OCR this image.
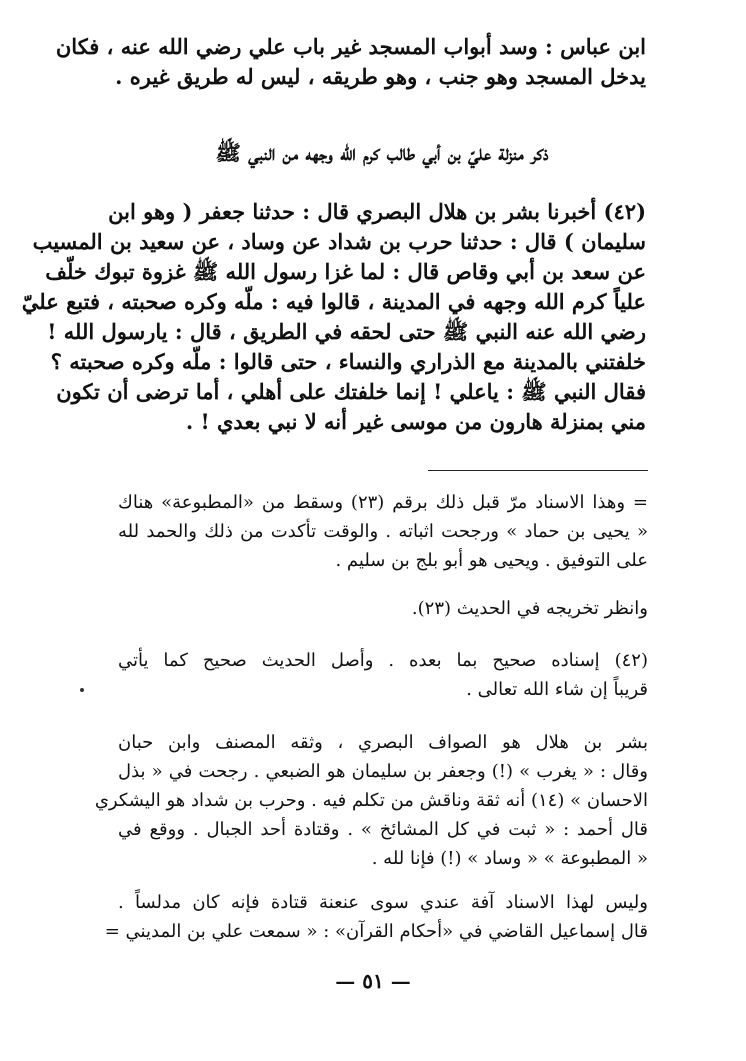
ابن عباس : وسد أبواب المسجد غير باب علي رضي الله عنه ، فكان
يدخل المسجد وهو جنب ، وهو طريقه ، ليس له طريق غيره .
ذكر منزلة عليّ بن أبي طالب كرم الله وجهه من النبي ﷺ
(٤٢) أخبرنا بشر بن هلال البصري قال : حدثنا جعفر ( وهو ابن
سليمان ) قال : حدثنا حرب بن شداد عن وساد ، عن سعيد بن المسيب
عن سعد بن أبي وقاص قال : لما غزا رسول الله ﷺ غزوة تبوك خلّف
علياً كرم الله وجهه في المدينة ، قالوا فيه : ملّه وكره صحبته ، فتبع عليّ
رضي الله عنه النبي ﷺ حتى لحقه في الطريق ، قال : يارسول الله !
خلفتني بالمدينة مع الذراري والنساء ، حتى قالوا : ملّه وكره صحبته ؟
فقال النبي ﷺ : ياعلي ! إنما خلفتك على أهلي ، أما ترضى أن تكون
مني بمنزلة هارون من موسى غير أنه لا نبي بعدي ! .
= وهذا الاسناد مرّ قبل ذلك برقم (٢٣) وسقط من «المطبوعة» هناك
« يحيى بن حماد » ورجحت اثباته . والوقت تأكدت من ذلك والحمد لله
على التوفيق . ويحيى هو أبو بلج بن سليم .
وانظر تخريجه في الحديث (٢٣).
(٤٢) إسناده صحيح بما بعده . وأصل الحديث صحيح كما يأتي
قريباً إن شاء الله تعالى .
بشر بن هلال هو الصواف البصري ، وثقه المصنف وابن حبان
وقال : « يغرب » (!) وجعفر بن سليمان هو الضبعي . رجحت في « بذل
الاحسان » (١٤) أنه ثقة وناقش من تكلم فيه . وحرب بن شداد هو اليشكري
قال أحمد : « ثبت في كل المشائخ » . وقتادة أحد الجبال . ووقع في
« المطبوعة » « وساد » (!) فإنا لله .
وليس لهذا الاسناد آفة عندي سوى عنعنة قتادة فإنه كان مدلساً .
قال إسماعيل القاضي في «أحكام القرآن» : « سمعت علي بن المديني =
— ٥١ —
